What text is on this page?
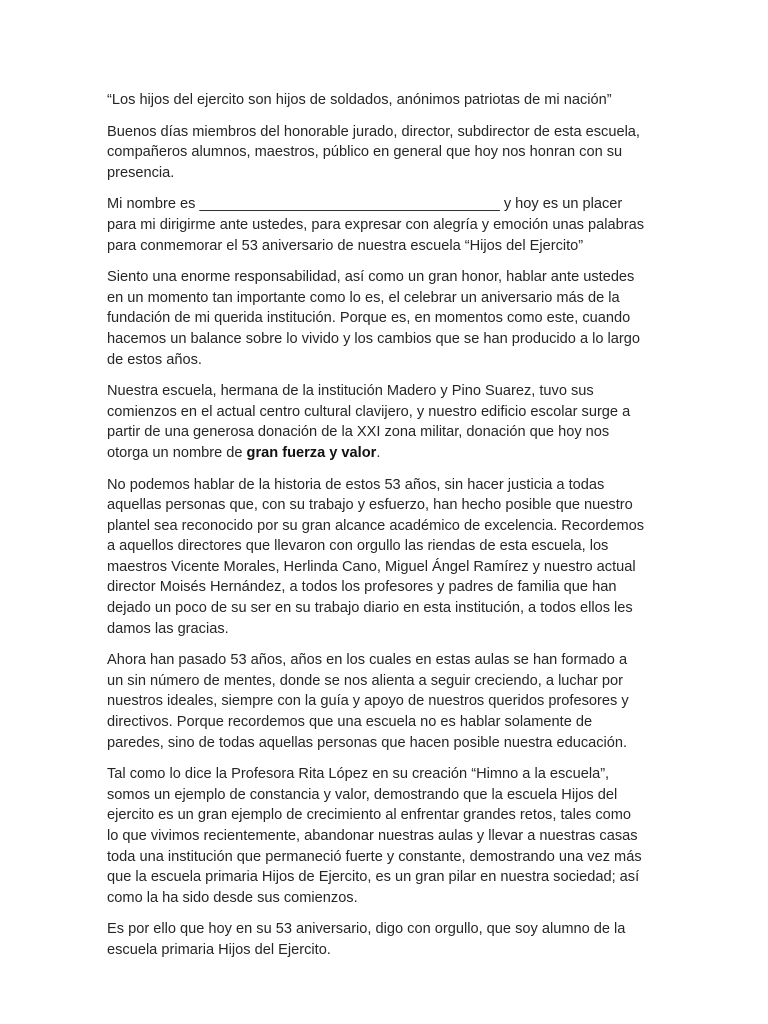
“Los hijos del ejercito son hijos de soldados, anónimos patriotas de mi nación”

Buenos días miembros del honorable jurado, director, subdirector de esta escuela,
compañeros alumnos, maestros, público en general que hoy nos honran con su
presencia.

Mi nombre es _____________________________________ y hoy es un placer
para mi dirigirme ante ustedes, para expresar con alegría y emoción unas palabras
para conmemorar el 53 aniversario de nuestra escuela “Hijos del Ejercito”

Siento una enorme responsabilidad, así como un gran honor, hablar ante ustedes
en un momento tan importante como lo es, el celebrar un aniversario más de la
fundación de mi querida institución. Porque es, en momentos como este, cuando
hacemos un balance sobre lo vivido y los cambios que se han producido a lo largo
de estos años.

Nuestra escuela, hermana de la institución Madero y Pino Suarez, tuvo sus
comienzos en el actual centro cultural clavijero, y nuestro edificio escolar surge a
partir de una generosa donación de la XXI zona militar, donación que hoy nos
otorga un nombre de gran fuerza y valor.

No podemos hablar de la historia de estos 53 años, sin hacer justicia a todas
aquellas personas que, con su trabajo y esfuerzo, han hecho posible que nuestro
plantel sea reconocido por su gran alcance académico de excelencia. Recordemos
a aquellos directores que llevaron con orgullo las riendas de esta escuela, los
maestros Vicente Morales, Herlinda Cano, Miguel Ángel Ramírez y nuestro actual
director Moisés Hernández, a todos los profesores y padres de familia que han
dejado un poco de su ser en su trabajo diario en esta institución, a todos ellos les
damos las gracias.

Ahora han pasado 53 años, años en los cuales en estas aulas se han formado a
un sin número de mentes, donde se nos alienta a seguir creciendo, a luchar por
nuestros ideales, siempre con la guía y apoyo de nuestros queridos profesores y
directivos. Porque recordemos que una escuela no es hablar solamente de
paredes, sino de todas aquellas personas que hacen posible nuestra educación.

Tal como lo dice la Profesora Rita López en su creación “Himno a la escuela”,
somos un ejemplo de constancia y valor, demostrando que la escuela Hijos del
ejercito es un gran ejemplo de crecimiento al enfrentar grandes retos, tales como
lo que vivimos recientemente, abandonar nuestras aulas y llevar a nuestras casas
toda una institución que permaneció fuerte y constante, demostrando una vez más
que la escuela primaria Hijos de Ejercito, es un gran pilar en nuestra sociedad; así
como la ha sido desde sus comienzos.

Es por ello que hoy en su 53 aniversario, digo con orgullo, que soy alumno de la
escuela primaria Hijos del Ejercito.
